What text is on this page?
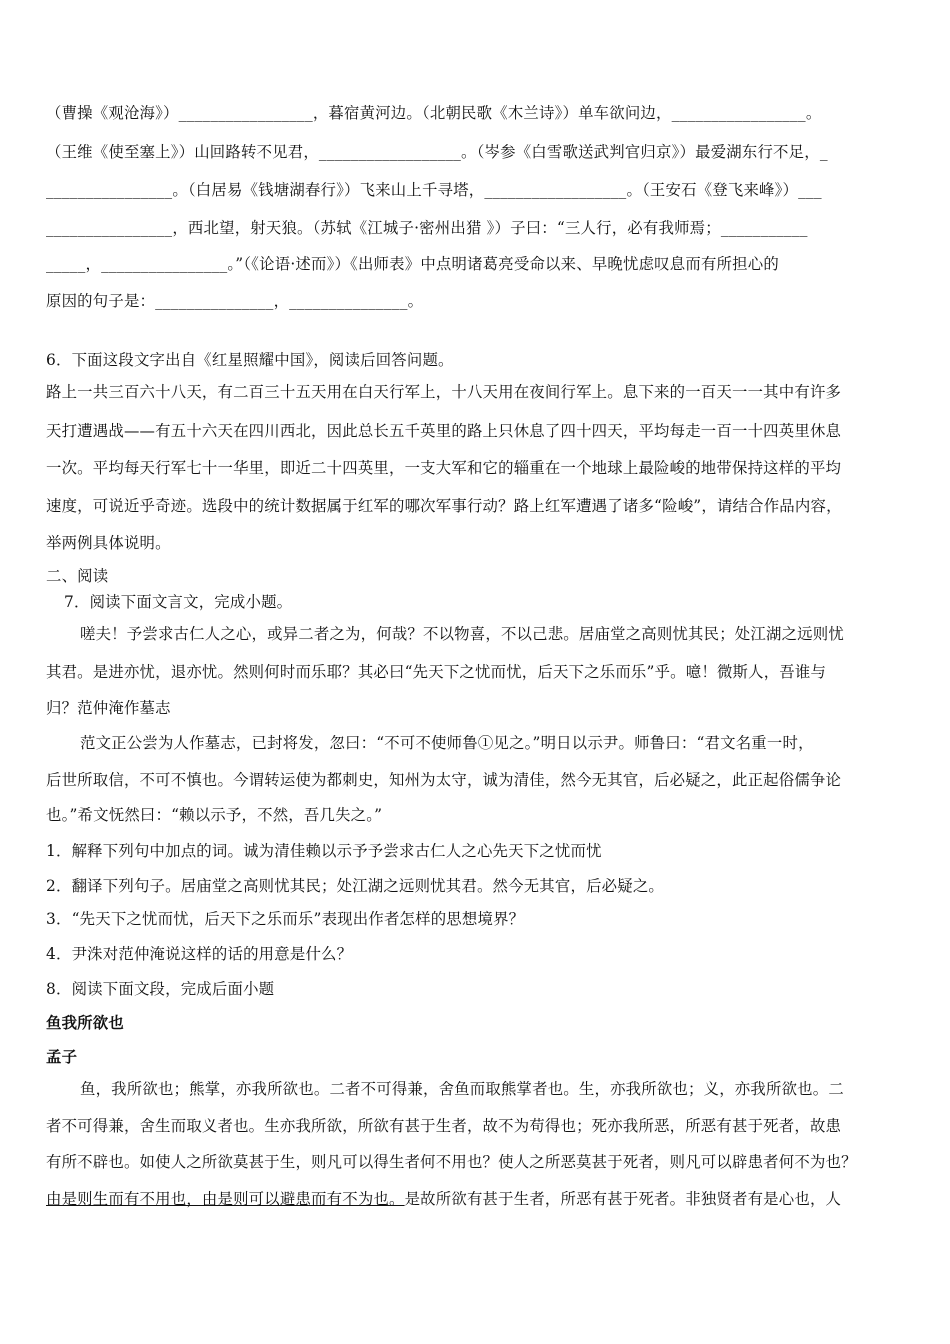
（曹操《观沧海》）_________________，暮宿黄河边。（北朝民歌《木兰诗》）单车欲问边，_________________。
（王维《使至塞上》）山回路转不见君，__________________。（岑参《白雪歌送武判官归京》）最爱湖东行不足，_
________________。（白居易《钱塘湖春行》）飞来山上千寻塔，__________________。（王安石《登飞来峰》）___
________________，西北望，射天狼。（苏轼《江城子·密州出猎 》）子曰：“三人行，必有我师焉；___________
_____，________________。”（《论语·述而》）《出师表》中点明诸葛亮受命以来、早晚忧虑叹息而有所担心的
原因的句子是：_______________，_______________。
6．下面这段文字出自《红星照耀中国》，阅读后回答问题。
路上一共三百六十八天，有二百三十五天用在白天行军上，十八天用在夜间行军上。息下来的一百天一一其中有许多
天打遭遇战——有五十六天在四川西北，因此总长五千英里的路上只休息了四十四天，平均每走一百一十四英里休息
一次。平均每天行军七十一华里，即近二十四英里，一支大军和它的辎重在一个地球上最险峻的地带保持这样的平均
速度，可说近乎奇迹。选段中的统计数据属于红军的哪次军事行动？路上红军遭遇了诸多“险峻”，请结合作品内容，
举两例具体说明。
二、阅读
7．阅读下面文言文，完成小题。
嗟夫！予尝求古仁人之心，或异二者之为，何哉？不以物喜，不以己悲。居庙堂之高则忧其民；处江湖之远则忧
其君。是进亦忧，退亦忧。然则何时而乐耶？其必曰“先天下之忧而忧，后天下之乐而乐”乎。噫！微斯人，吾谁与
归？范仲淹作墓志
范文正公尝为人作墓志，已封将发，忽曰：“不可不使师鲁①见之。”明日以示尹。师鲁曰：“君文名重一时，
后世所取信，不可不慎也。今谓转运使为都刺史，知州为太守，诚为清佳，然今无其官，后必疑之，此正起俗儒争论
也。”希文怃然曰：“赖以示予，不然，吾几失之。”
1．解释下列句中加点的词。诚为清佳赖以示予予尝求古仁人之心先天下之忧而忧
2．翻译下列句子。居庙堂之高则忧其民；处江湖之远则忧其君。然今无其官，后必疑之。
3．“先天下之忧而忧，后天下之乐而乐”表现出作者怎样的思想境界？
4．尹洙对范仲淹说这样的话的用意是什么？
8．阅读下面文段，完成后面小题
鱼我所欲也
孟子
鱼，我所欲也；熊掌，亦我所欲也。二者不可得兼，舍鱼而取熊掌者也。生，亦我所欲也；义，亦我所欲也。二
者不可得兼，舍生而取义者也。生亦我所欲，所欲有甚于生者，故不为苟得也；死亦我所恶，所恶有甚于死者，故患
有所不辟也。如使人之所欲莫甚于生，则凡可以得生者何不用也？使人之所恶莫甚于死者，则凡可以辟患者何不为也？
由是则生而有不用也，由是则可以避患而有不为也。是故所欲有甚于生者，所恶有甚于死者。非独贤者有是心也，人
